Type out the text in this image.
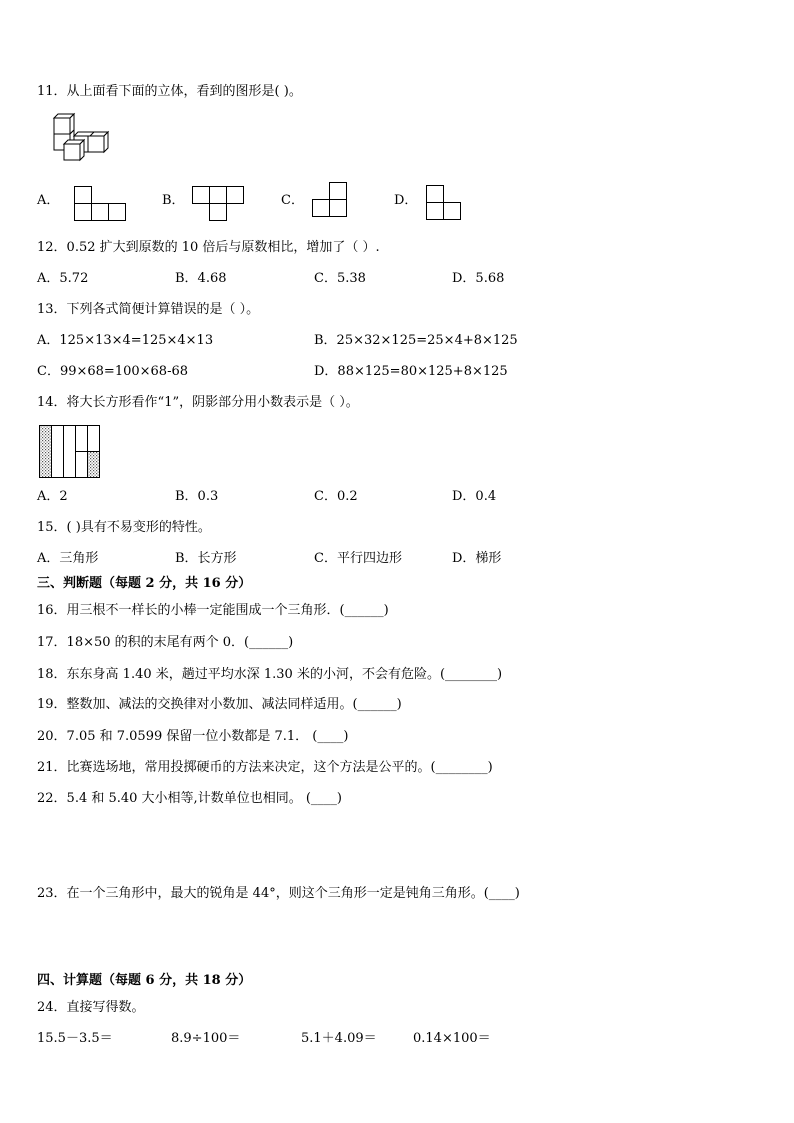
11．从上面看下面的立体，看到的图形是( )。
A．	B．	C．	D．
12．0.52 扩大到原数的 10 倍后与原数相比，增加了（ ）.
A．5.72	B．4.68	C．5.38	D．5.68
13．下列各式简便计算错误的是（ ）。
A．125×13×4=125×4×13	B．25×32×125=25×4+8×125
C．99×68=100×68-68	D．88×125=80×125+8×125
14．将大长方形看作“1”，阴影部分用小数表示是（ ）。
A．2	B．0.3	C．0.2	D．0.4
15．( )具有不易变形的特性。
A．三角形	B．长方形	C．平行四边形	D．梯形
三、判断题（每题 2 分，共 16 分）
16．用三根不一样长的小棒一定能围成一个三角形．(______)
17．18×50 的积的末尾有两个 0．(______)
18．东东身高 1.40 米，趟过平均水深 1.30 米的小河，不会有危险。(________)
19．整数加、减法的交换律对小数加、减法同样适用。(______)
20．7.05 和 7.0599 保留一位小数都是 7.1． (____)
21．比赛选场地，常用投掷硬币的方法来决定，这个方法是公平的。(________)
22．5.4 和 5.40 大小相等,计数单位也相同。 (____)
23．在一个三角形中，最大的锐角是 44°，则这个三角形一定是钝角三角形。(____)
四、计算题（每题 6 分，共 18 分）
24．直接写得数。
15.5－3.5＝	8.9÷100＝	5.1＋4.09＝	0.14×100＝
